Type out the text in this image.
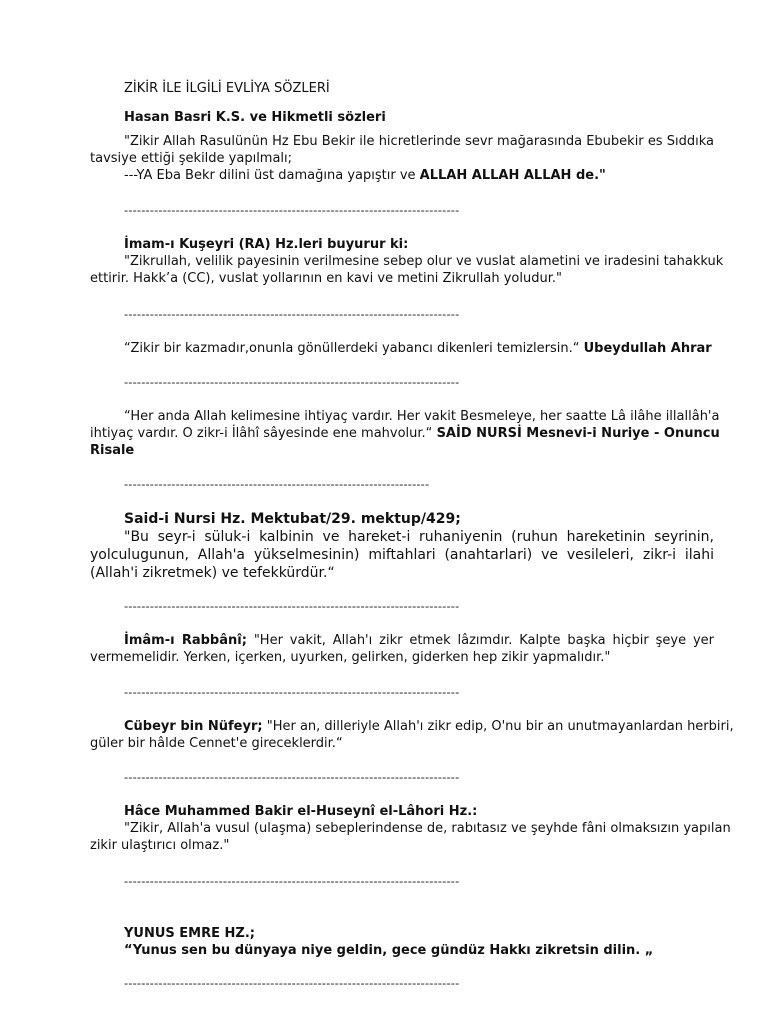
ZİKİR İLE İLGİLİ EVLİYA SÖZLERİ
Hasan Basri K.S. ve Hikmetli sözleri
"Zikir Allah Rasulünün Hz Ebu Bekir ile hicretlerinde sevr mağarasında Ebubekir es Sıddıka
tavsiye ettiği şekilde yapılmalı;
---YA Eba Bekr dilini üst damağına yapıştır ve ALLAH ALLAH ALLAH de."
------------------------------------------------------------------------------
İmam-ı Kuşeyri (RA) Hz.leri buyurur ki:
"Zikrullah, velilik payesinin verilmesine sebep olur ve vuslat alametini ve iradesini tahakkuk
ettirir. Hakk’a (CC), vuslat yollarının en kavi ve metini Zikrullah yoludur."
------------------------------------------------------------------------------
“Zikir bir kazmadır,onunla gönüllerdeki yabancı dikenleri temizlersin.“ Ubeydullah Ahrar
------------------------------------------------------------------------------
“Her anda Allah kelimesine ihtiyaç vardır. Her vakit Besmeleye, her saatte Lâ ilâhe illallâh'a
ihtiyaç vardır. O zikr-i İlâhî sâyesinde ene mahvolur.“ SAİD NURSİ Mesnevi-i Nuriye - Onuncu
Risale
-----------------------------------------------------------------------
Said-i Nursi Hz. Mektubat/29. mektup/429;
"Bu seyr-i süluk-i kalbinin ve hareket-i ruhaniyenin (ruhun hareketinin seyrinin,
yolculugunun, Allah'a yükselmesinin) miftahlari (anahtarlari) ve vesileleri, zikr-i ilahi
(Allah'i zikretmek) ve tefekkürdür.“
------------------------------------------------------------------------------
İmâm-ı Rabbânî; "Her vakit, Allah'ı zikr etmek lâzımdır. Kalpte başka hiçbir şeye yer
vermemelidir. Yerken, içerken, uyurken, gelirken, giderken hep zikir yapmalıdır."
------------------------------------------------------------------------------
Cübeyr bin Nüfeyr; "Her an, dilleriyle Allah'ı zikr edip, O'nu bir an unutmayanlardan herbiri,
güler bir hâlde Cennet'e gireceklerdir.“
------------------------------------------------------------------------------
Hâce Muhammed Bakir el-Huseynî el-Lâhori Hz.:
"Zikir, Allah'a vusul (ulaşma) sebeplerindense de, rabıtasız ve şeyhde fâni olmaksızın yapılan
zikir ulaştırıcı olmaz."
------------------------------------------------------------------------------
YUNUS EMRE HZ.;
“Yunus sen bu dünyaya niye geldin, gece gündüz Hakkı zikretsin dilin. „
------------------------------------------------------------------------------
